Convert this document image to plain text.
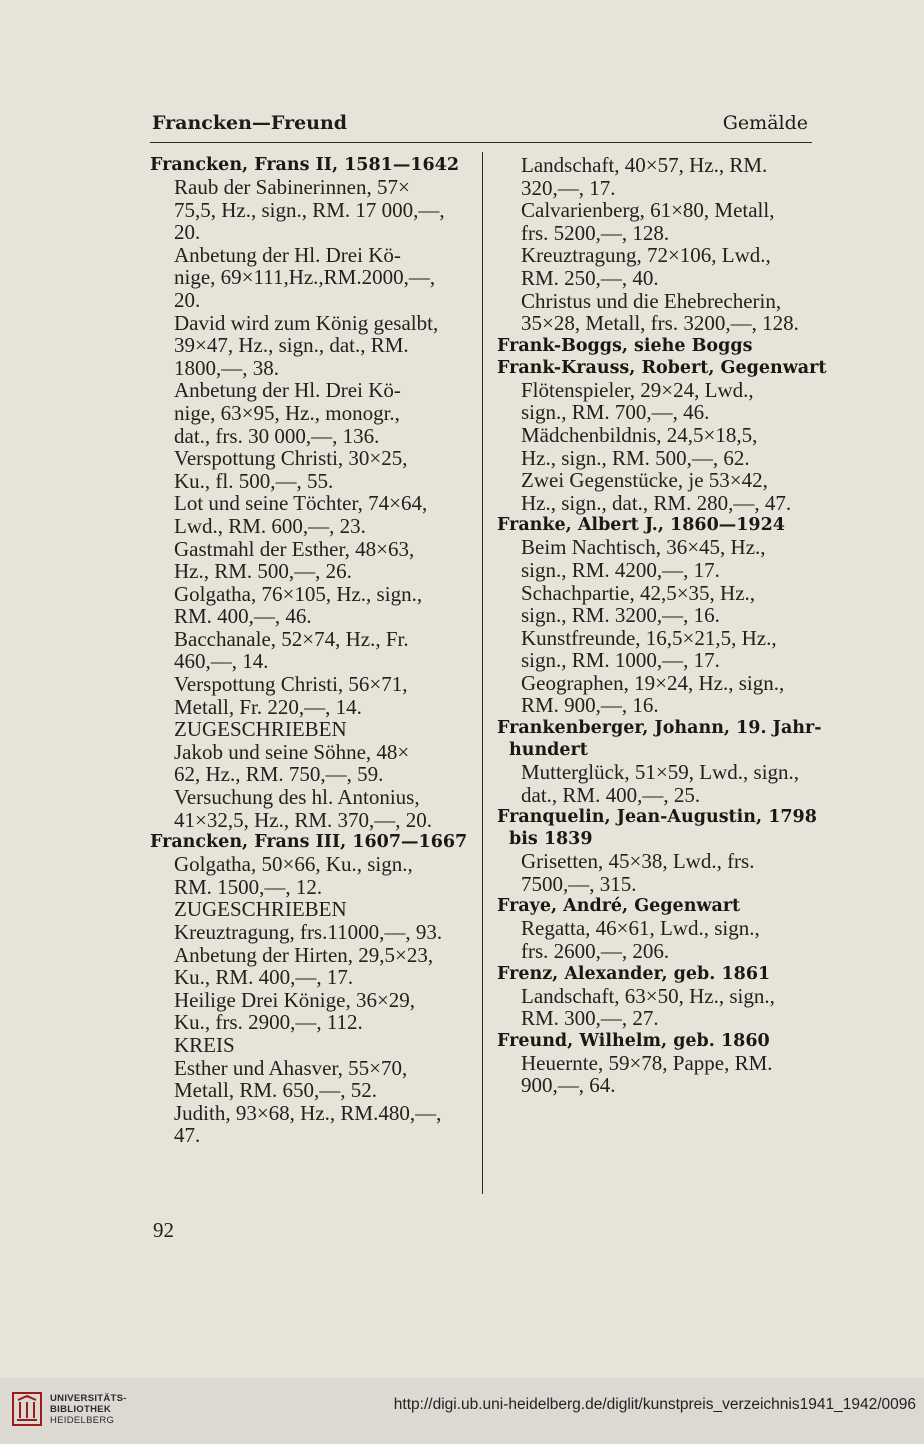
Francken—Freund	Gemälde
Francken, Frans II, 1581—1642
Raub der Sabinerinnen, 57×
75,5, Hz., sign., RM. 17 000,—,
20.
Anbetung der Hl. Drei Kö-
nige, 69×111,Hz.,RM.2000,—,
20.
David wird zum König gesalbt,
39×47, Hz., sign., dat., RM.
1800,—, 38.
Anbetung der Hl. Drei Kö-
nige, 63×95, Hz., monogr.,
dat., frs. 30 000,—, 136.
Verspottung Christi, 30×25,
Ku., fl. 500,—, 55.
Lot und seine Töchter, 74×64,
Lwd., RM. 600,—, 23.
Gastmahl der Esther, 48×63,
Hz., RM. 500,—, 26.
Golgatha, 76×105, Hz., sign.,
RM. 400,—, 46.
Bacchanale, 52×74, Hz., Fr.
460,—, 14.
Verspottung Christi, 56×71,
Metall, Fr. 220,—, 14.
ZUGESCHRIEBEN
Jakob und seine Söhne, 48×
62, Hz., RM. 750,—, 59.
Versuchung des hl. Antonius,
41×32,5, Hz., RM. 370,—, 20.
Francken, Frans III, 1607—1667
Golgatha, 50×66, Ku., sign.,
RM. 1500,—, 12.
ZUGESCHRIEBEN
Kreuztragung, frs.11000,—, 93.
Anbetung der Hirten, 29,5×23,
Ku., RM. 400,—, 17.
Heilige Drei Könige, 36×29,
Ku., frs. 2900,—, 112.
KREIS
Esther und Ahasver, 55×70,
Metall, RM. 650,—, 52.
Judith, 93×68, Hz., RM.480,—,
47.
Landschaft, 40×57, Hz., RM.
320,—, 17.
Calvarienberg, 61×80, Metall,
frs. 5200,—, 128.
Kreuztragung, 72×106, Lwd.,
RM. 250,—, 40.
Christus und die Ehebrecherin,
35×28, Metall, frs. 3200,—, 128.
Frank-Boggs, siehe Boggs
Frank-Krauss, Robert, Gegenwart
Flötenspieler, 29×24, Lwd.,
sign., RM. 700,—, 46.
Mädchenbildnis, 24,5×18,5,
Hz., sign., RM. 500,—, 62.
Zwei Gegenstücke, je 53×42,
Hz., sign., dat., RM. 280,—, 47.
Franke, Albert J., 1860—1924
Beim Nachtisch, 36×45, Hz.,
sign., RM. 4200,—, 17.
Schachpartie, 42,5×35, Hz.,
sign., RM. 3200,—, 16.
Kunstfreunde, 16,5×21,5, Hz.,
sign., RM. 1000,—, 17.
Geographen, 19×24, Hz., sign.,
RM. 900,—, 16.
Frankenberger, Johann, 19. Jahr-
hundert
Mutterglück, 51×59, Lwd., sign.,
dat., RM. 400,—, 25.
Franquelin, Jean-Augustin, 1798
bis 1839
Grisetten, 45×38, Lwd., frs.
7500,—, 315.
Fraye, André, Gegenwart
Regatta, 46×61, Lwd., sign.,
frs. 2600,—, 206.
Frenz, Alexander, geb. 1861
Landschaft, 63×50, Hz., sign.,
RM. 300,—, 27.
Freund, Wilhelm, geb. 1860
Heuernte, 59×78, Pappe, RM.
900,—, 64.
92
UNIVERSITÄTS-
BIBLIOTHEK
HEIDELBERG
http://digi.ub.uni-heidelberg.de/diglit/kunstpreis_verzeichnis1941_1942/0096
